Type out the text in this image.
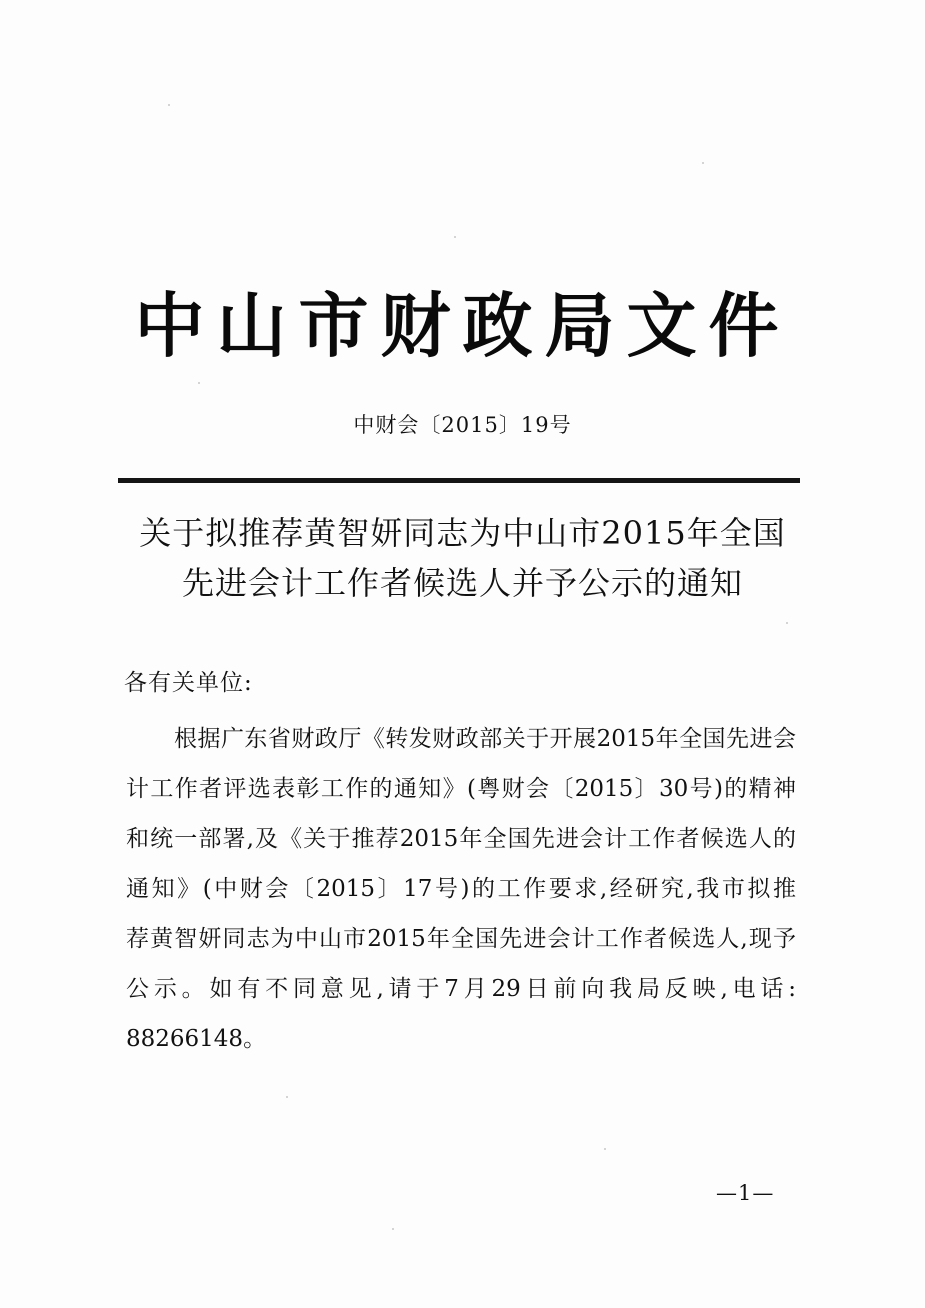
中山市财政局文件
中财会〔2015〕19号
关于拟推荐黄智妍同志为中山市2015年全国
先进会计工作者候选人并予公示的通知
各有关单位:
根据广东省财政厅《转发财政部关于开展2015年全国先进会
计工作者评选表彰工作的通知》(粤财会〔2015〕30号)的精神
和统一部署,及《关于推荐2015年全国先进会计工作者候选人的
通知》(中财会〔2015〕17号)的工作要求,经研究,我市拟推
荐黄智妍同志为中山市2015年全国先进会计工作者候选人,现予
公示。如有不同意见,请于7月29日前向我局反映,电话:
88266148。
—1—
